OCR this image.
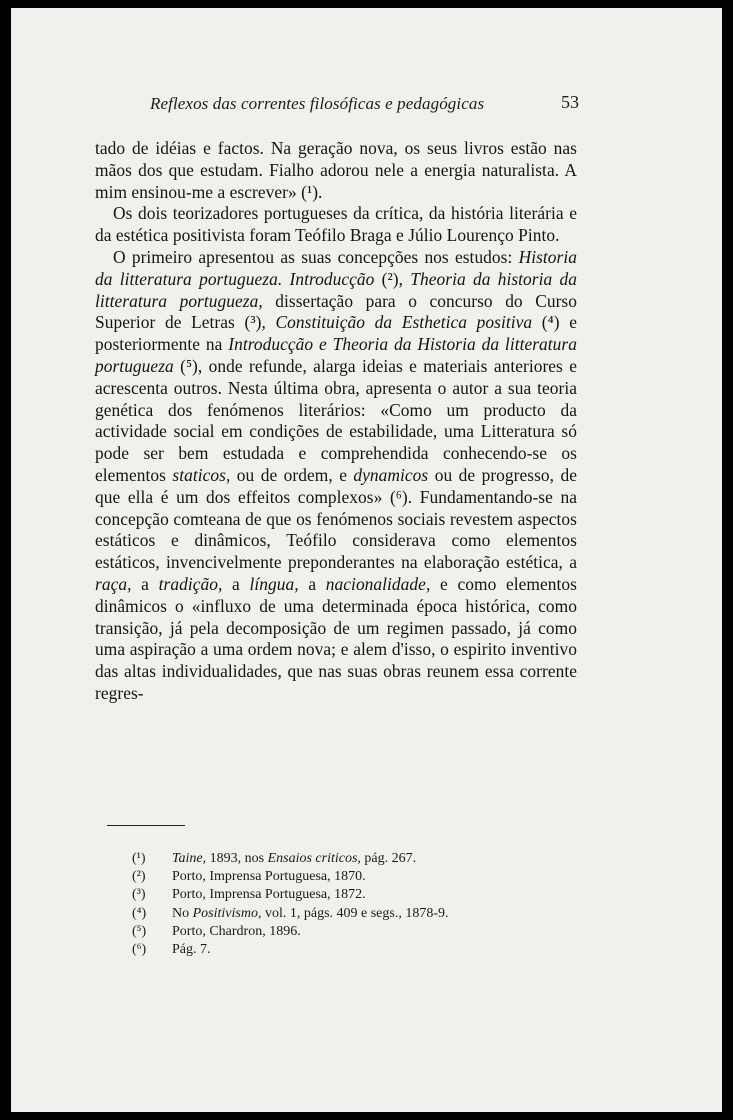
Reflexos das correntes filosóficas e pedagógicas	53

tado de idéias e factos. Na geração nova, os seus livros estão nas mãos dos que estudam. Fialho adorou nele a energia naturalista. A mim ensinou-me a escrever» (¹).

Os dois teorizadores portugueses da crítica, da história literária e da estética positivista foram Teófilo Braga e Júlio Lourenço Pinto.

O primeiro apresentou as suas concepções nos estudos: Historia da litteratura portugueza. Introducção (²), Theoria da historia da litteratura portugueza, dissertação para o concurso do Curso Superior de Letras (³), Constituição da Esthetica positiva (⁴) e posteriormente na Introducção e Theoria da Historia da litteratura portugueza (⁵), onde refunde, alarga ideias e materiais anteriores e acrescenta outros. Nesta última obra, apresenta o autor a sua teoria genética dos fenómenos literários: «Como um producto da actividade social em condições de estabilidade, uma Litteratura só pode ser bem estudada e comprehendida conhecendo-se os elementos staticos, ou de ordem, e dynamicos ou de progresso, de que ella é um dos effeitos complexos» (⁶). Fundamentando-se na concepção comteana de que os fenómenos sociais revestem aspectos estáticos e dinâmicos, Teófilo considerava como elementos estáticos, invencivelmente preponderantes na elaboração estética, a raça, a tradição, a língua, a nacionalidade, e como elementos dinâmicos o «influxo de uma determinada época histórica, como transição, já pela decomposição de um regimen passado, já como uma aspiração a uma ordem nova; e alem d'isso, o espirito inventivo das altas individualidades, que nas suas obras reunem essa corrente regres-

(¹) Taine, 1893, nos Ensaios criticos, pág. 267.
(²) Porto, Imprensa Portuguesa, 1870.
(³) Porto, Imprensa Portuguesa, 1872.
(⁴) No Positivismo, vol. 1, págs. 409 e segs., 1878-9.
(⁵) Porto, Chardron, 1896.
(⁶) Pág. 7.
